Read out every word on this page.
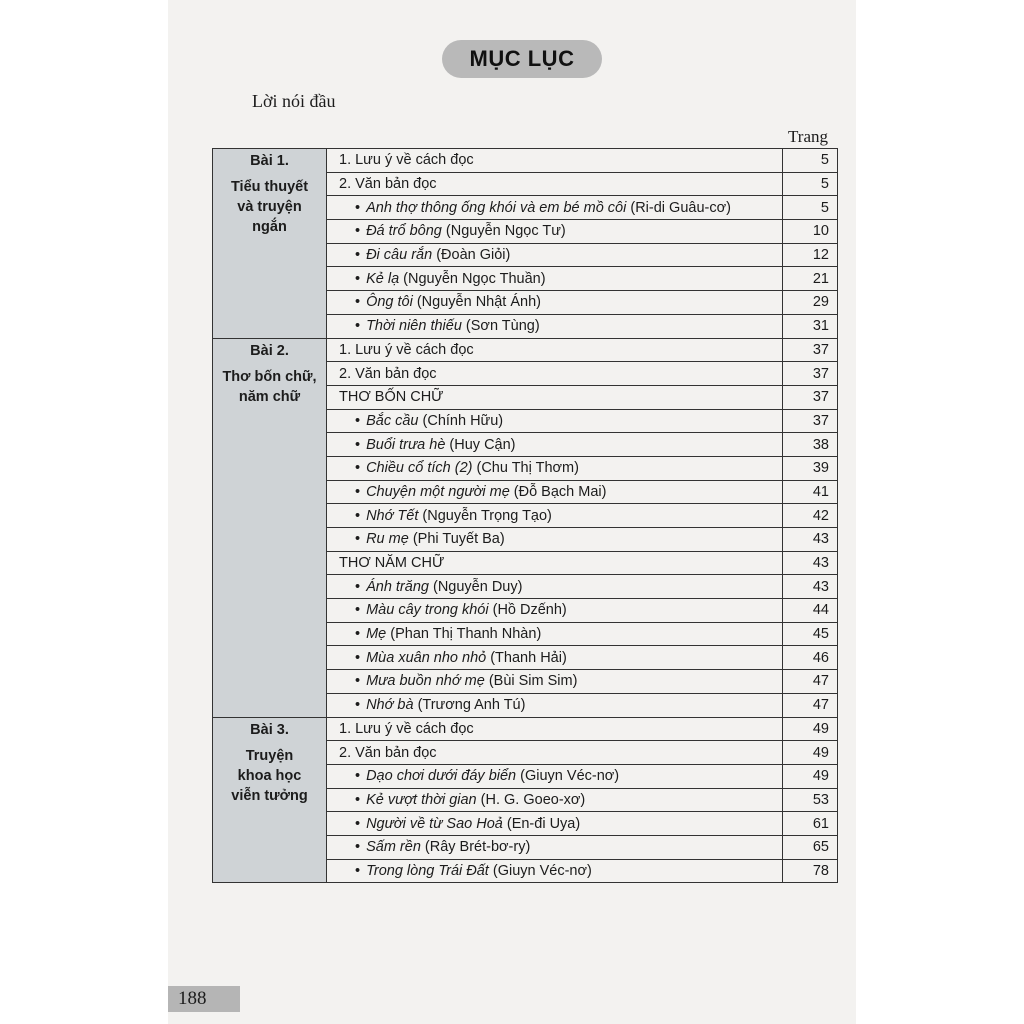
MỤC LỤC
Lời nói đầu
Trang
Bài 1.
Tiểu thuyết
và truyện
ngắn	1. Lưu ý về cách đọc	5
	2. Văn bản đọc	5
	• Anh thợ thông ống khói và em bé mồ côi (Ri-di Guâu-cơ)	5
	• Đá trổ bông (Nguyễn Ngọc Tư)	10
	• Đi câu rắn (Đoàn Giỏi)	12
	• Kẻ lạ (Nguyễn Ngọc Thuần)	21
	• Ông tôi (Nguyễn Nhật Ánh)	29
	• Thời niên thiếu (Sơn Tùng)	31

Bài 2.
Thơ bốn chữ,
năm chữ	1. Lưu ý về cách đọc	37
	2. Văn bản đọc	37
	THƠ BỐN CHỮ	37
	• Bắc cầu (Chính Hữu)	37
	• Buổi trưa hè (Huy Cận)	38
	• Chiều cổ tích (2) (Chu Thị Thơm)	39
	• Chuyện một người mẹ (Đỗ Bạch Mai)	41
	• Nhớ Tết (Nguyễn Trọng Tạo)	42
	• Ru mẹ (Phi Tuyết Ba)	43
	THƠ NĂM CHỮ	43
	• Ánh trăng (Nguyễn Duy)	43
	• Màu cây trong khói (Hồ Dzếnh)	44
	• Mẹ (Phan Thị Thanh Nhàn)	45
	• Mùa xuân nho nhỏ (Thanh Hải)	46
	• Mưa buồn nhớ mẹ (Bùi Sim Sim)	47
	• Nhớ bà (Trương Anh Tú)	47

Bài 3.
Truyện
khoa học
viễn tưởng	1. Lưu ý về cách đọc	49
	2. Văn bản đọc	49
	• Dạo chơi dưới đáy biển (Giuyn Véc-nơ)	49
	• Kẻ vượt thời gian (H. G. Goeo-xơ)	53
	• Người về từ Sao Hoả (En-đi Uya)	61
	• Sấm rền (Rây Brét-bơ-ry)	65
	• Trong lòng Trái Đất (Giuyn Véc-nơ)	78
188
